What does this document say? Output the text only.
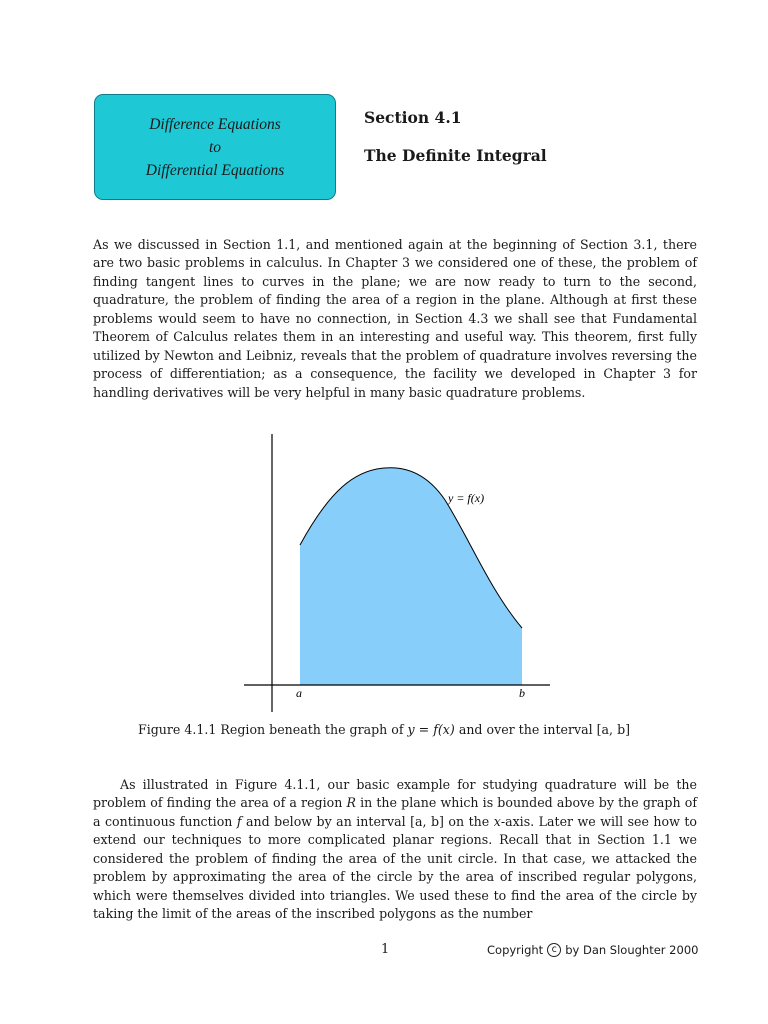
Difference Equations
to
Differential Equations
Section 4.1
The Definite Integral

As we discussed in Section 1.1, and mentioned again at the beginning of Section 3.1, there are two basic problems in calculus. In Chapter 3 we considered one of these, the problem of finding tangent lines to curves in the plane; we are now ready to turn to the second, quadrature, the problem of finding the area of a region in the plane. Although at first these problems would seem to have no connection, in Section 4.3 we shall see that Fundamental Theorem of Calculus relates them in an interesting and useful way. This theorem, first fully utilized by Newton and Leibniz, reveals that the problem of quadrature involves reversing the process of differentiation; as a consequence, the facility we developed in Chapter 3 for handling derivatives will be very helpful in many basic quadrature problems.

y = f(x)
a	b
Figure 4.1.1 Region beneath the graph of y = f(x) and over the interval [a, b]

As illustrated in Figure 4.1.1, our basic example for studying quadrature will be the problem of finding the area of a region R in the plane which is bounded above by the graph of a continuous function f and below by an interval [a, b] on the x-axis. Later we will see how to extend our techniques to more complicated planar regions. Recall that in Section 1.1 we considered the problem of finding the area of the unit circle. In that case, we attacked the problem by approximating the area of the circle by the area of inscribed regular polygons, which were themselves divided into triangles. We used these to find the area of the circle by taking the limit of the areas of the inscribed polygons as the number

1	Copyright c by Dan Sloughter 2000
